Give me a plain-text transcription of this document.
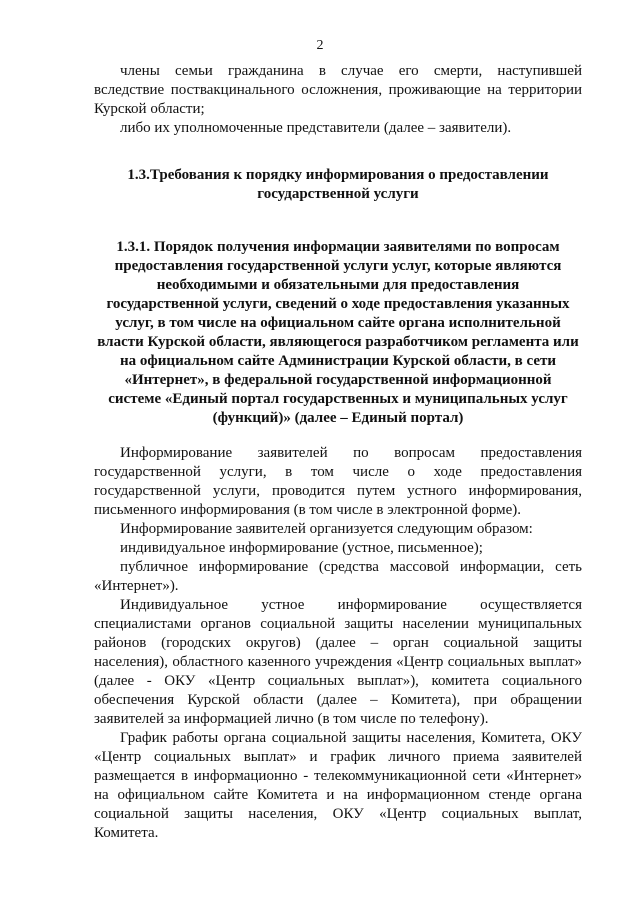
2
члены семьи гражданина в случае его смерти, наступившей
вследствие поствакцинального осложнения, проживающие на территории
Курской области;
либо их уполномоченные представители (далее – заявители).
1.3.Требования к порядку информирования о предоставлении
государственной услуги
1.3.1. Порядок получения информации заявителями по вопросам
предоставления государственной услуги услуг, которые являются
необходимыми и обязательными для предоставления
государственной услуги, сведений о ходе предоставления указанных
услуг, в том числе на официальном сайте органа исполнительной
власти Курской области, являющегося разработчиком регламента или
на официальном сайте Администрации Курской области, в сети
«Интернет», в федеральной государственной информационной
системе «Единый портал государственных и муниципальных услуг
(функций)» (далее – Единый портал)
Информирование заявителей по вопросам предоставления
государственной услуги, в том числе о ходе предоставления
государственной услуги, проводится путем устного информирования,
письменного информирования (в том числе в электронной форме).
Информирование заявителей организуется следующим образом:
индивидуальное информирование (устное, письменное);
публичное информирование (средства массовой информации, сеть
«Интернет»).
Индивидуальное устное информирование осуществляется
специалистами органов социальной защиты населении муниципальных
районов (городских округов) (далее – орган социальной защиты
населения), областного казенного учреждения «Центр социальных выплат»
(далее - ОКУ «Центр социальных выплат»), комитета социального
обеспечения Курской области (далее – Комитета), при обращении
заявителей за информацией лично (в том числе по телефону).
График работы органа социальной защиты населения, Комитета, ОКУ
«Центр социальных выплат» и график личного приема заявителей
размещается в информационно - телекоммуникационной сети «Интернет»
на официальном сайте Комитета и на информационном стенде органа
социальной защиты населения, ОКУ «Центр социальных выплат,
Комитета.
